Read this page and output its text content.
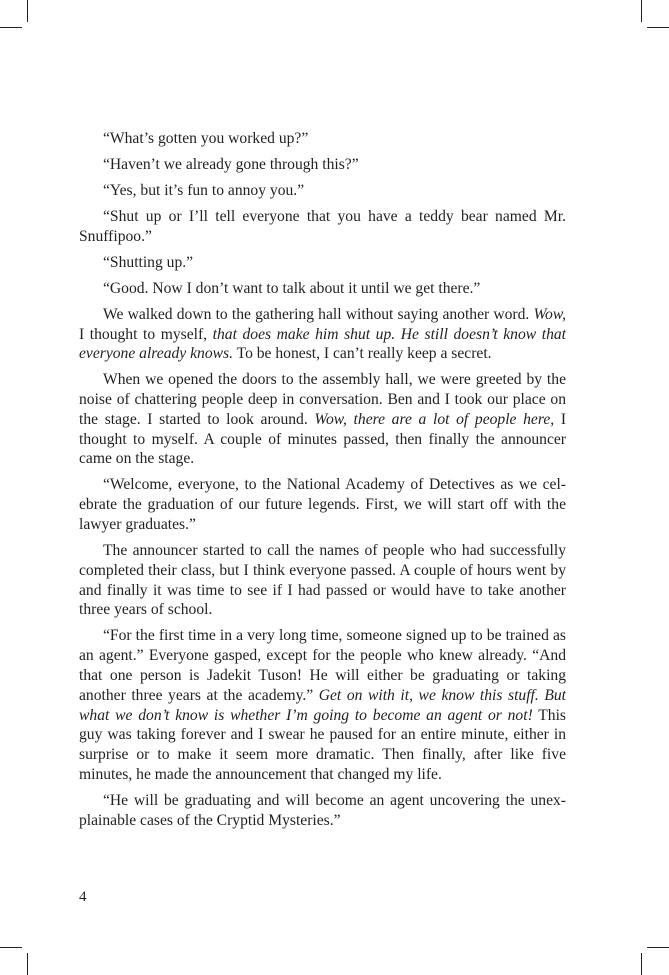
“What’s gotten you worked up?”

“Haven’t we already gone through this?”

“Yes, but it’s fun to annoy you.”

“Shut up or I’ll tell everyone that you have a teddy bear named Mr. Snuffipoo.”

“Shutting up.”

“Good. Now I don’t want to talk about it until we get there.”

We walked down to the gathering hall without saying another word. Wow, I thought to myself, that does make him shut up. He still doesn’t know that everyone already knows. To be honest, I can’t really keep a secret.

When we opened the doors to the assembly hall, we were greeted by the noise of chattering people deep in conversation. Ben and I took our place on the stage. I started to look around. Wow, there are a lot of people here, I thought to myself. A couple of minutes passed, then finally the announcer came on the stage.

“Welcome, everyone, to the National Academy of Detectives as we celebrate the graduation of our future legends. First, we will start off with the lawyer graduates.”

The announcer started to call the names of people who had successfully completed their class, but I think everyone passed. A couple of hours went by and finally it was time to see if I had passed or would have to take another three years of school.

“For the first time in a very long time, someone signed up to be trained as an agent.” Everyone gasped, except for the people who knew already. “And that one person is Jadekit Tuson! He will either be graduating or taking another three years at the academy.” Get on with it, we know this stuff. But what we don’t know is whether I’m going to become an agent or not! This guy was taking forever and I swear he paused for an entire minute, either in surprise or to make it seem more dramatic. Then finally, after like five minutes, he made the announcement that changed my life.

“He will be graduating and will become an agent uncovering the unexplainable cases of the Cryptid Mysteries.”

4
